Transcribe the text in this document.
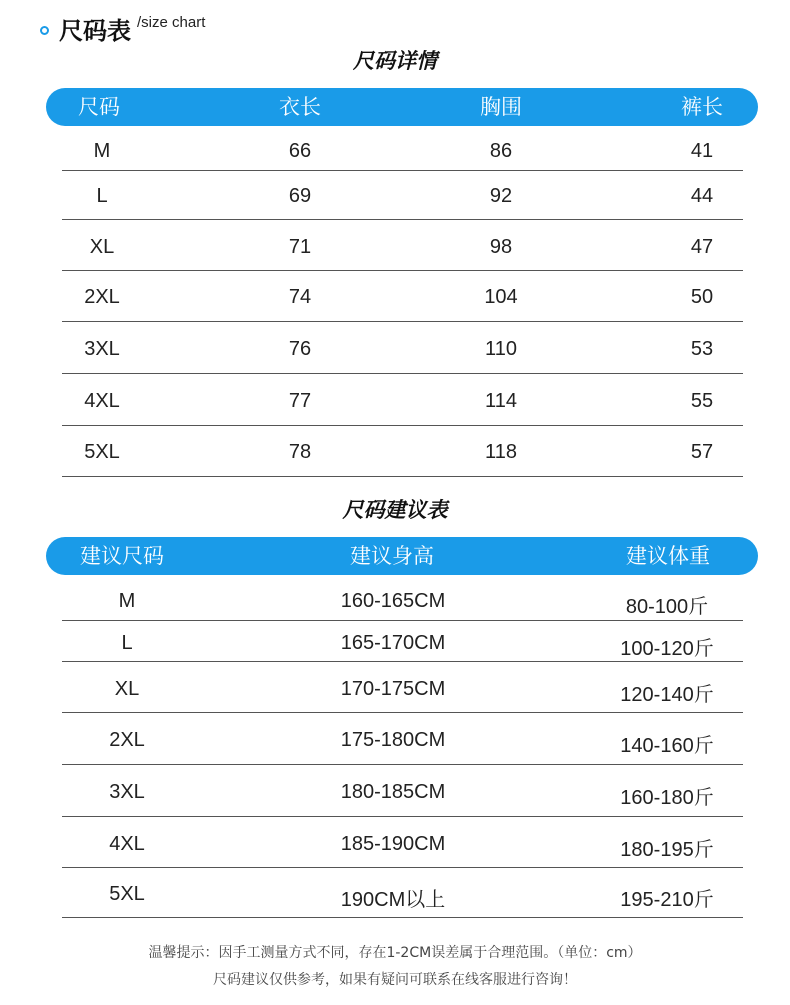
尺码表 /size chart
尺码详情
尺码	衣长	胸围	裤长
M	66	86	41
L	69	92	44
XL	71	98	47
2XL	74	104	50
3XL	76	110	53
4XL	77	114	55
5XL	78	118	57
尺码建议表
建议尺码	建议身高	建议体重
M	160-165CM	80-100斤
L	165-170CM	100-120斤
XL	170-175CM	120-140斤
2XL	175-180CM	140-160斤
3XL	180-185CM	160-180斤
4XL	185-190CM	180-195斤
5XL	190CM以上	195-210斤
温馨提示：因手工测量方式不同，存在1-2CM误差属于合理范围。（单位：cm）
尺码建议仅供参考，如果有疑问可联系在线客服进行咨询！
